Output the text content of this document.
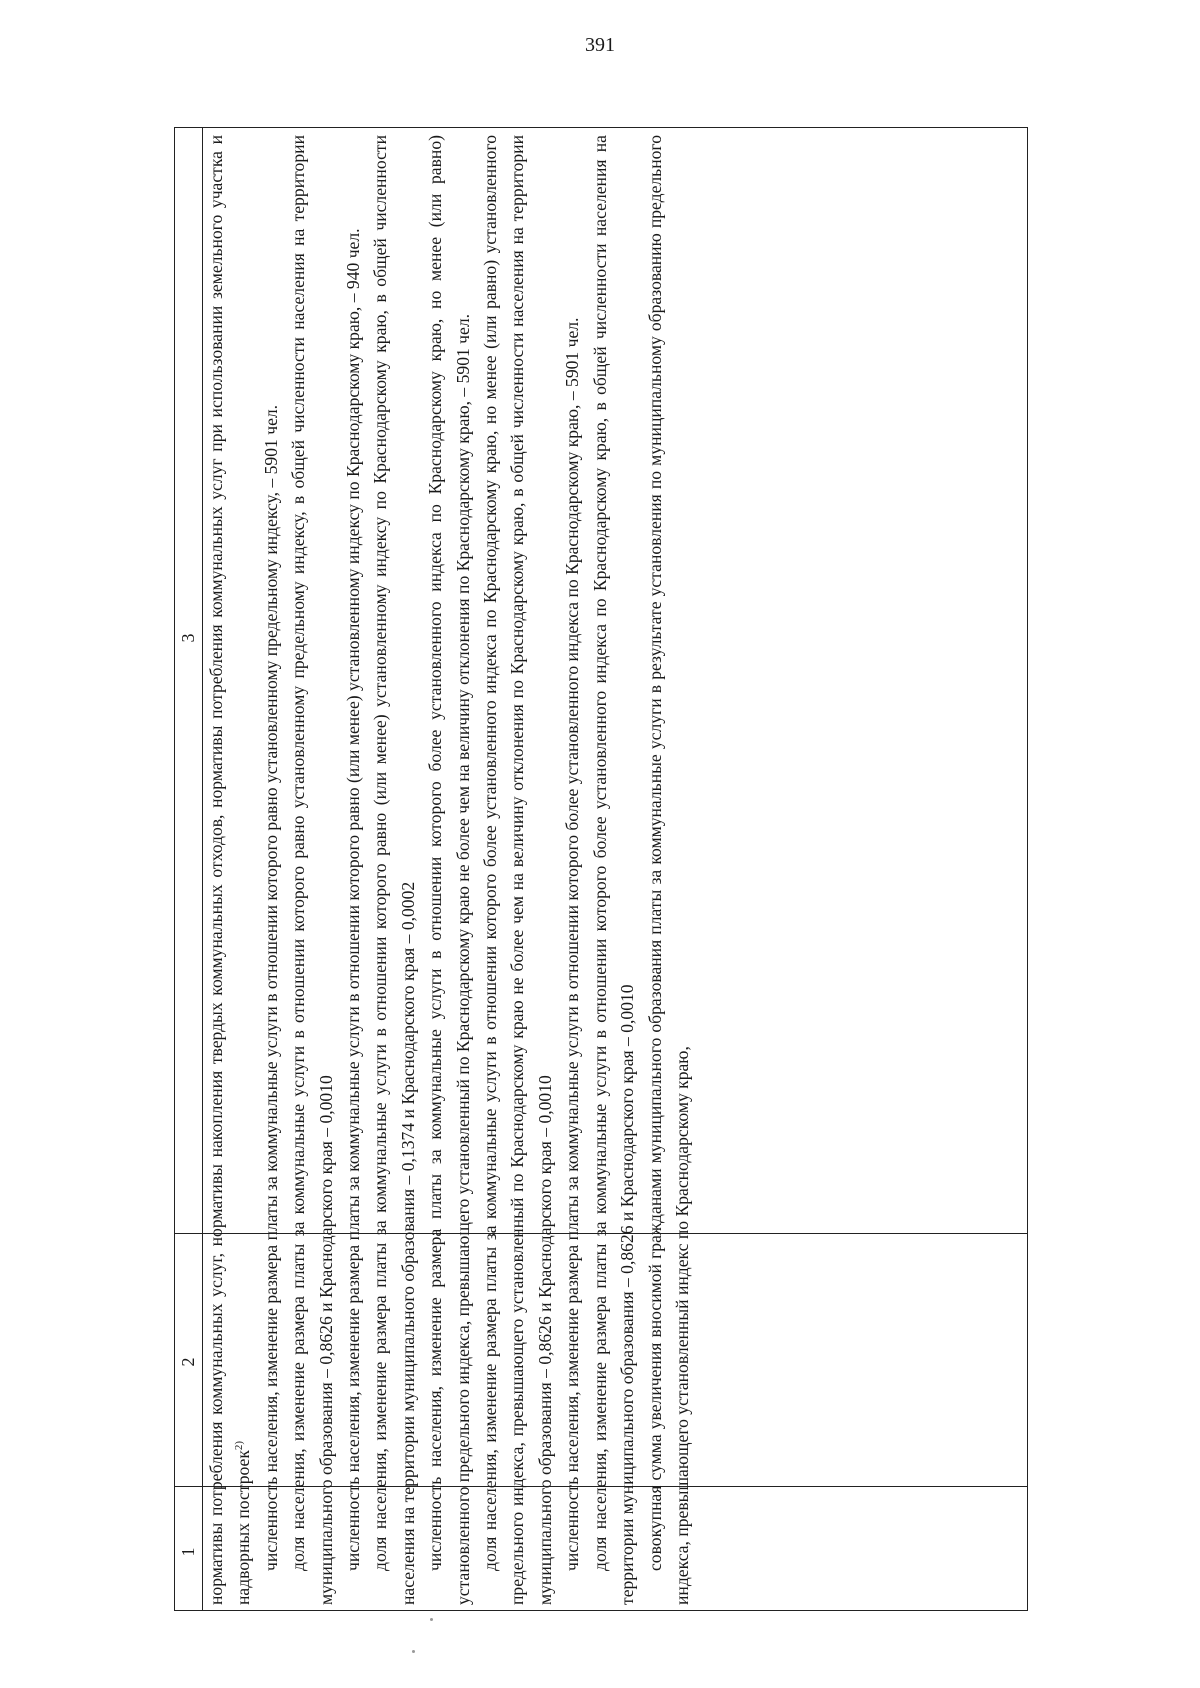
391
1
2
3 нормативы потребления коммунальных услуг, нормативы накопления твердых коммунальных отходов, нормативы потребления коммунальных услуг при использовании земельного участка и надворных построек$^{2)}$ численность населения, изменение размера платы за коммунальные услуги в отношении которого равно установленному предельному индексу, – 5901 чел. доля населения, изменение размера платы за коммунальные услуги в отношении которого равно установленному предельному индексу, в общей численности населения на территории муниципального образования – 0,8626 и Краснодарского края – 0,0010 численность населения, изменение размера платы за коммунальные услуги в отношении которого равно (или менее) установленному индексу по Краснодарскому краю, – 940 чел. доля населения, изменение размера платы за коммунальные услуги в отношении которого равно (или менее) установленному индексу по Краснодарскому краю, в общей численности населения на территории муниципального образования – 0,1374 и Краснодарского края – 0,0002 численность населения, изменение размера платы за коммунальные услуги в отношении которого более установленного индекса по Краснодарскому краю, но менее (или равно) установленного предельного индекса, превышающего установленный по Краснодарскому краю не более чем на величину отклонения по Краснодарскому краю, – 5901 чел. доля населения, изменение размера платы за коммунальные услуги в отношении которого более установленного индекса по Краснодарскому краю, но менее (или равно) установленного предельного индекса, превышающего установленный по Краснодарскому краю не более чем на величину отклонения по Краснодарскому краю, в общей численности населения на территории муниципального образования – 0,8626 и Краснодарского края – 0,0010 численность населения, изменение размера платы за коммунальные услуги в отношении которого более установленного индекса по Краснодарскому краю, – 5901 чел. доля населения, изменение размера платы за коммунальные услуги в отношении которого более установленного индекса по Краснодарскому краю, в общей численности населения на территории муниципального образования – 0,8626 и Краснодарского края – 0,0010 совокупная сумма увеличения вносимой гражданами муниципального образования платы за коммунальные услуги в результате установления по муниципальному образованию предельного индекса, превышающего установленный индекс по Краснодарскому краю,
